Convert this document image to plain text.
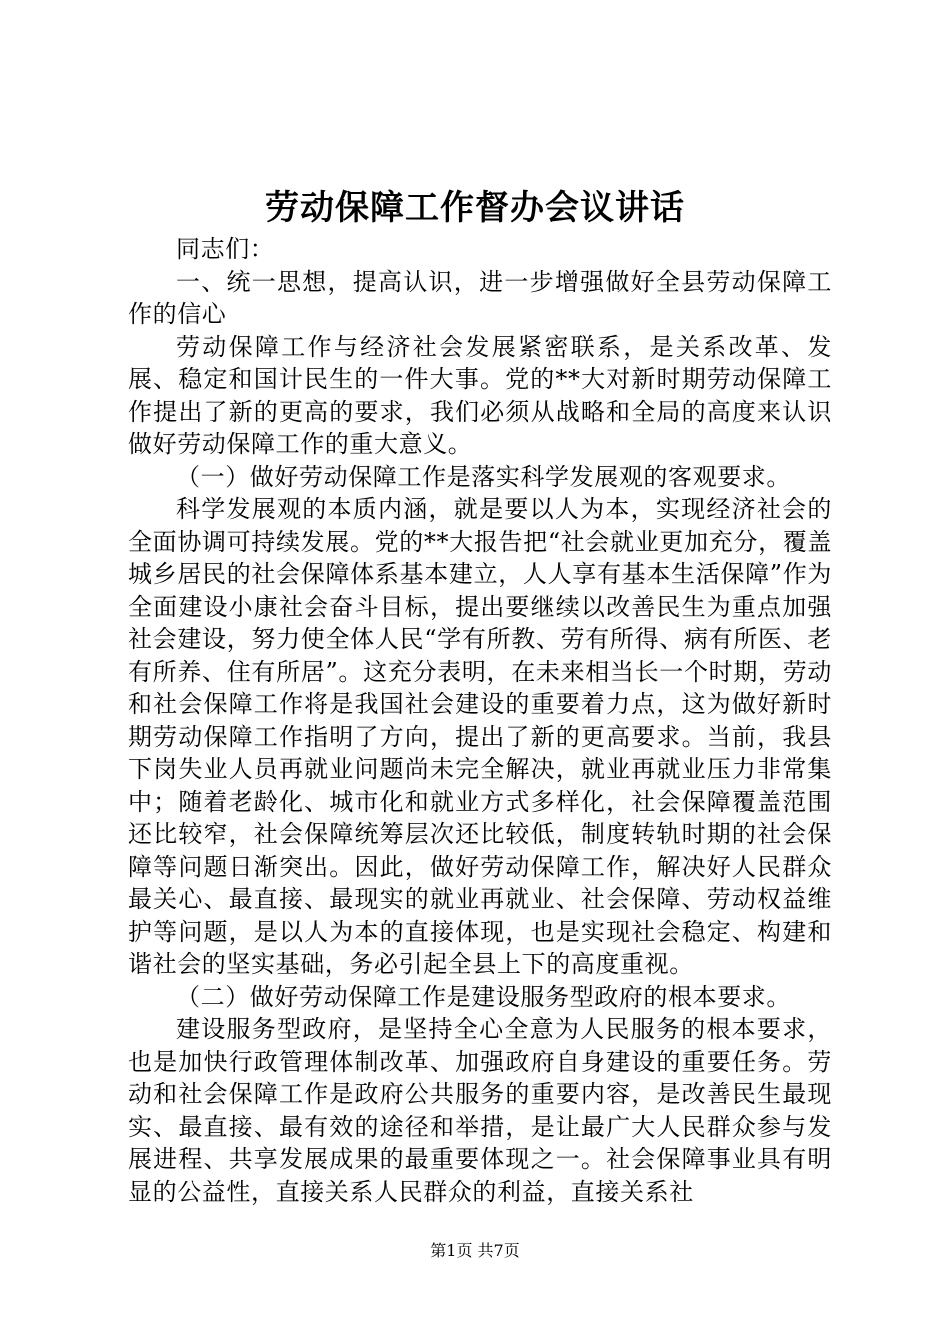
劳动保障工作督办会议讲话

同志们：

一、统一思想，提高认识，进一步增强做好全县劳动保障工作的信心

劳动保障工作与经济社会发展紧密联系，是关系改革、发展、稳定和国计民生的一件大事。党的**大对新时期劳动保障工作提出了新的更高的要求，我们必须从战略和全局的高度来认识做好劳动保障工作的重大意义。

（一）做好劳动保障工作是落实科学发展观的客观要求。

科学发展观的本质内涵，就是要以人为本，实现经济社会的全面协调可持续发展。党的**大报告把“社会就业更加充分，覆盖城乡居民的社会保障体系基本建立，人人享有基本生活保障”作为全面建设小康社会奋斗目标，提出要继续以改善民生为重点加强社会建设，努力使全体人民“学有所教、劳有所得、病有所医、老有所养、住有所居”。这充分表明，在未来相当长一个时期，劳动和社会保障工作将是我国社会建设的重要着力点，这为做好新时期劳动保障工作指明了方向，提出了新的更高要求。当前，我县下岗失业人员再就业问题尚未完全解决，就业再就业压力非常集中；随着老龄化、城市化和就业方式多样化，社会保障覆盖范围还比较窄，社会保障统筹层次还比较低，制度转轨时期的社会保障等问题日渐突出。因此，做好劳动保障工作，解决好人民群众最关心、最直接、最现实的就业再就业、社会保障、劳动权益维护等问题，是以人为本的直接体现，也是实现社会稳定、构建和谐社会的坚实基础，务必引起全县上下的高度重视。

（二）做好劳动保障工作是建设服务型政府的根本要求。

建设服务型政府，是坚持全心全意为人民服务的根本要求，也是加快行政管理体制改革、加强政府自身建设的重要任务。劳动和社会保障工作是政府公共服务的重要内容，是改善民生最现实、最直接、最有效的途径和举措，是让最广大人民群众参与发展进程、共享发展成果的最重要体现之一。社会保障事业具有明显的公益性，直接关系人民群众的利益，直接关系社

第1页 共7页
